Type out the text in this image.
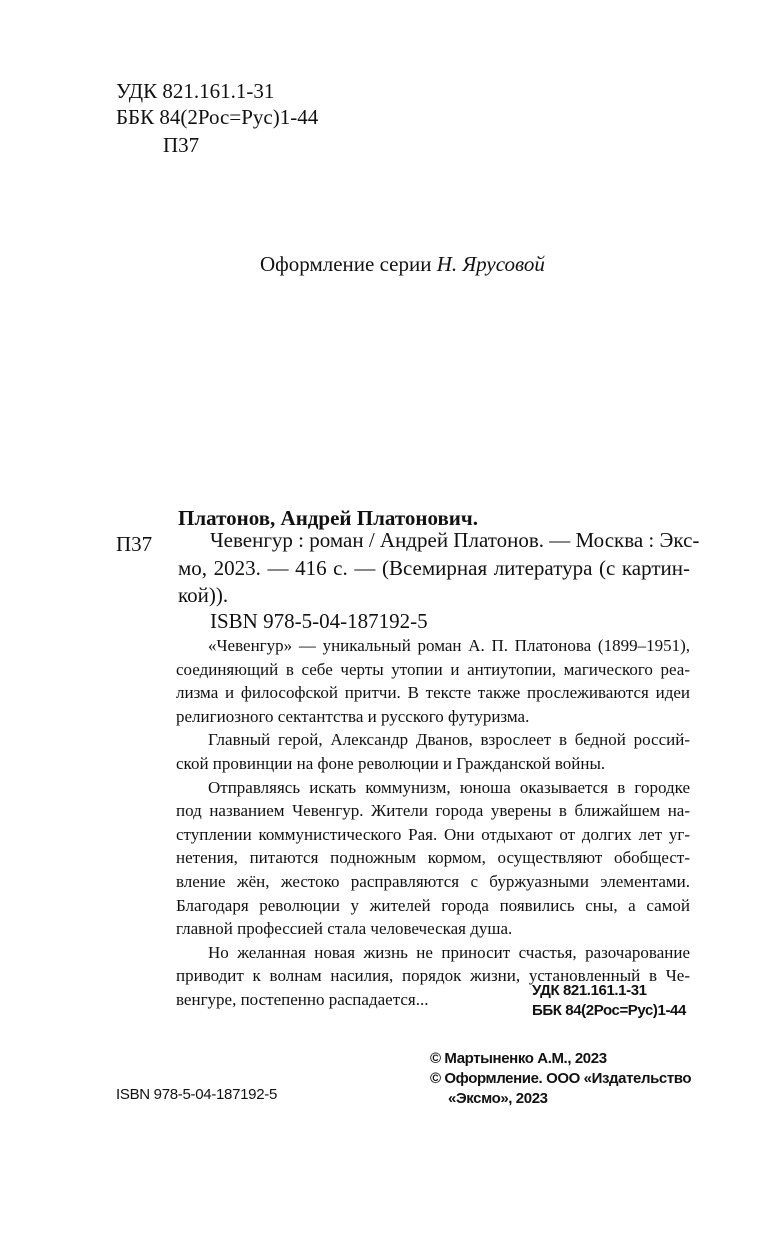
УДК 821.161.1-31
ББК 84(2Рос=Рус)1-44
П37
Оформление серии Н. Ярусовой
Платонов, Андрей Платонович.
П37	Чевенгур : роман / Андрей Платонов. — Москва : Экс-
мо, 2023. — 416 с. — (Всемирная литература (с картин-
кой)).
ISBN 978-5-04-187192-5

«Чевенгур» — уникальный роман А. П. Платонова (1899–1951),
соединяющий в себе черты утопии и антиутопии, магического реа-
лизма и философской притчи. В тексте также прослеживаются идеи
религиозного сектантства и русского футуризма.

Главный герой, Александр Дванов, взрослеет в бедной россий-
ской провинции на фоне революции и Гражданской войны.

Отправляясь искать коммунизм, юноша оказывается в городке
под названием Чевенгур. Жители города уверены в ближайшем на-
ступлении коммунистического Рая. Они отдыхают от долгих лет уг-
нетения, питаются подножным кормом, осуществляют обобщест-
вление жён, жестоко расправляются с буржуазными элементами.
Благодаря революции у жителей города появились сны, а самой
главной профессией стала человеческая душа.

Но желанная новая жизнь не приносит счастья, разочарование
приводит к волнам насилия, порядок жизни, установленный в Че-
венгуре, постепенно распадается...	УДК 821.161.1-31
ББК 84(2Рос=Рус)1-44
© Мартыненко А.М., 2023
© Оформление. ООО «Издательство
«Эксмо», 2023
ISBN 978-5-04-187192-5
